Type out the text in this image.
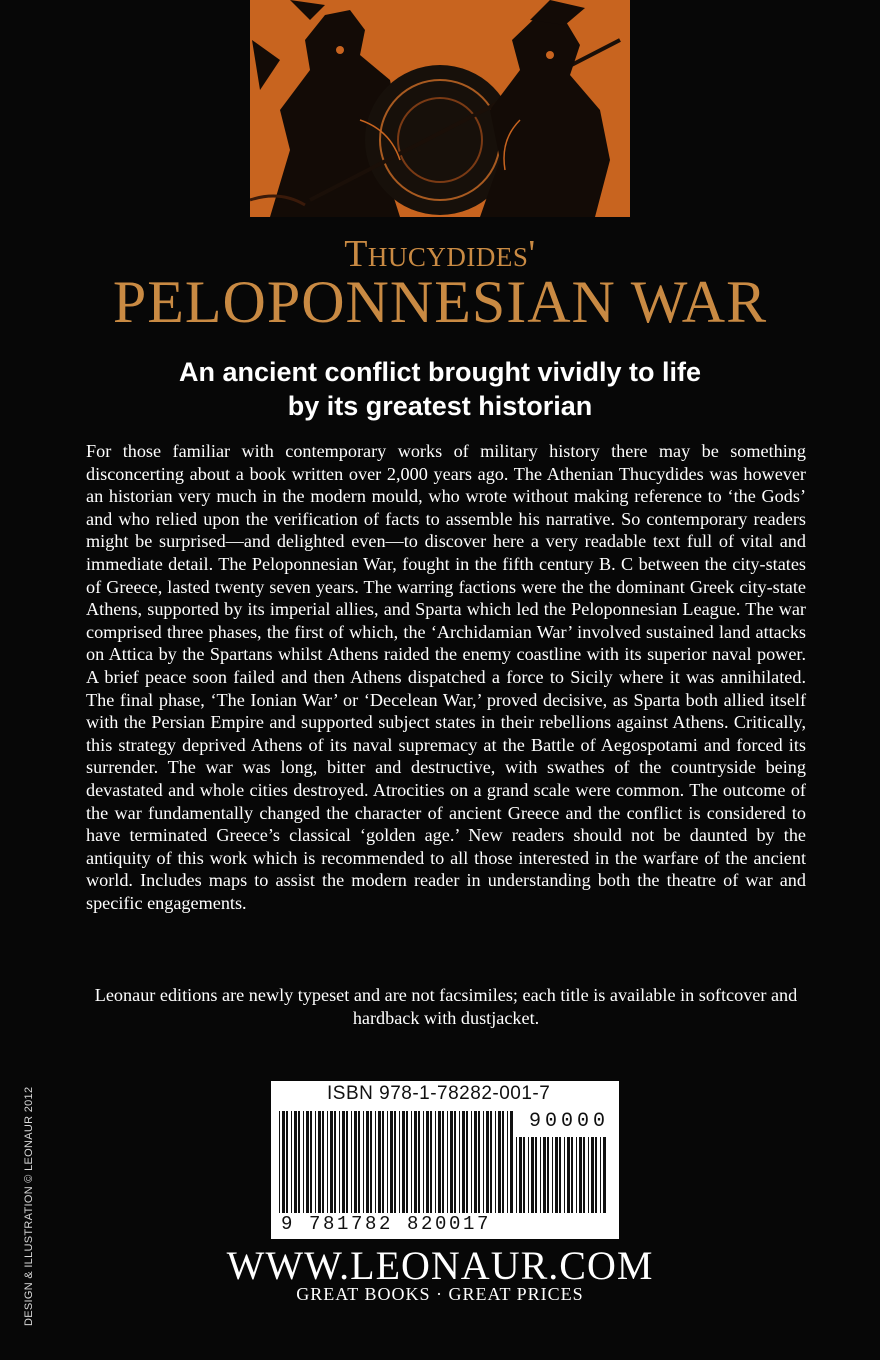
Thucydides'
PELOPONNESIAN WAR
An ancient conflict brought vividly to life
by its greatest historian

For those familiar with contemporary works of military history there may be something disconcerting about a book written over 2,000 years ago. The Athenian Thucydides was however an historian very much in the modern mould, who wrote without making reference to ‘the Gods’ and who relied upon the verification of facts to assemble his narrative. So contemporary readers might be surprised—and delighted even—to discover here a very readable text full of vital and immediate detail. The Peloponnesian War, fought in the fifth century B. C between the city-states of Greece, lasted twenty seven years. The warring factions were the the dominant Greek city-state Athens, supported by its imperial allies, and Sparta which led the Peloponnesian League. The war comprised three phases, the first of which, the ‘Archidamian War’ involved sustained land attacks on Attica by the Spartans whilst Athens raided the enemy coastline with its superior naval power. A brief peace soon failed and then Athens dispatched a force to Sicily where it was annihilated. The final phase, ‘The Ionian War’ or ‘Decelean War,’ proved decisive, as Sparta both allied itself with the Persian Empire and supported subject states in their rebellions against Athens. Critically, this strategy deprived Athens of its naval supremacy at the Battle of Aegospotami and forced its surrender. The war was long, bitter and destructive, with swathes of the countryside being devastated and whole cities destroyed. Atrocities on a grand scale were common. The outcome of the war fundamentally changed the character of ancient Greece and the conflict is considered to have terminated Greece’s classical ‘golden age.’ New readers should not be daunted by the antiquity of this work which is recommended to all those interested in the warfare of the ancient world. Includes maps to assist the modern reader in understanding both the theatre of war and specific engagements.

Leonaur editions are newly typeset and are not facsimiles; each title is available in softcover and hardback with dustjacket.
DESIGN & ILLUSTRATION © LEONAUR 2012	ISBN 978-1-78282-001-7
90000
9 781782 820017
WWW.LEONAUR.COM
GREAT BOOKS · GREAT PRICES
